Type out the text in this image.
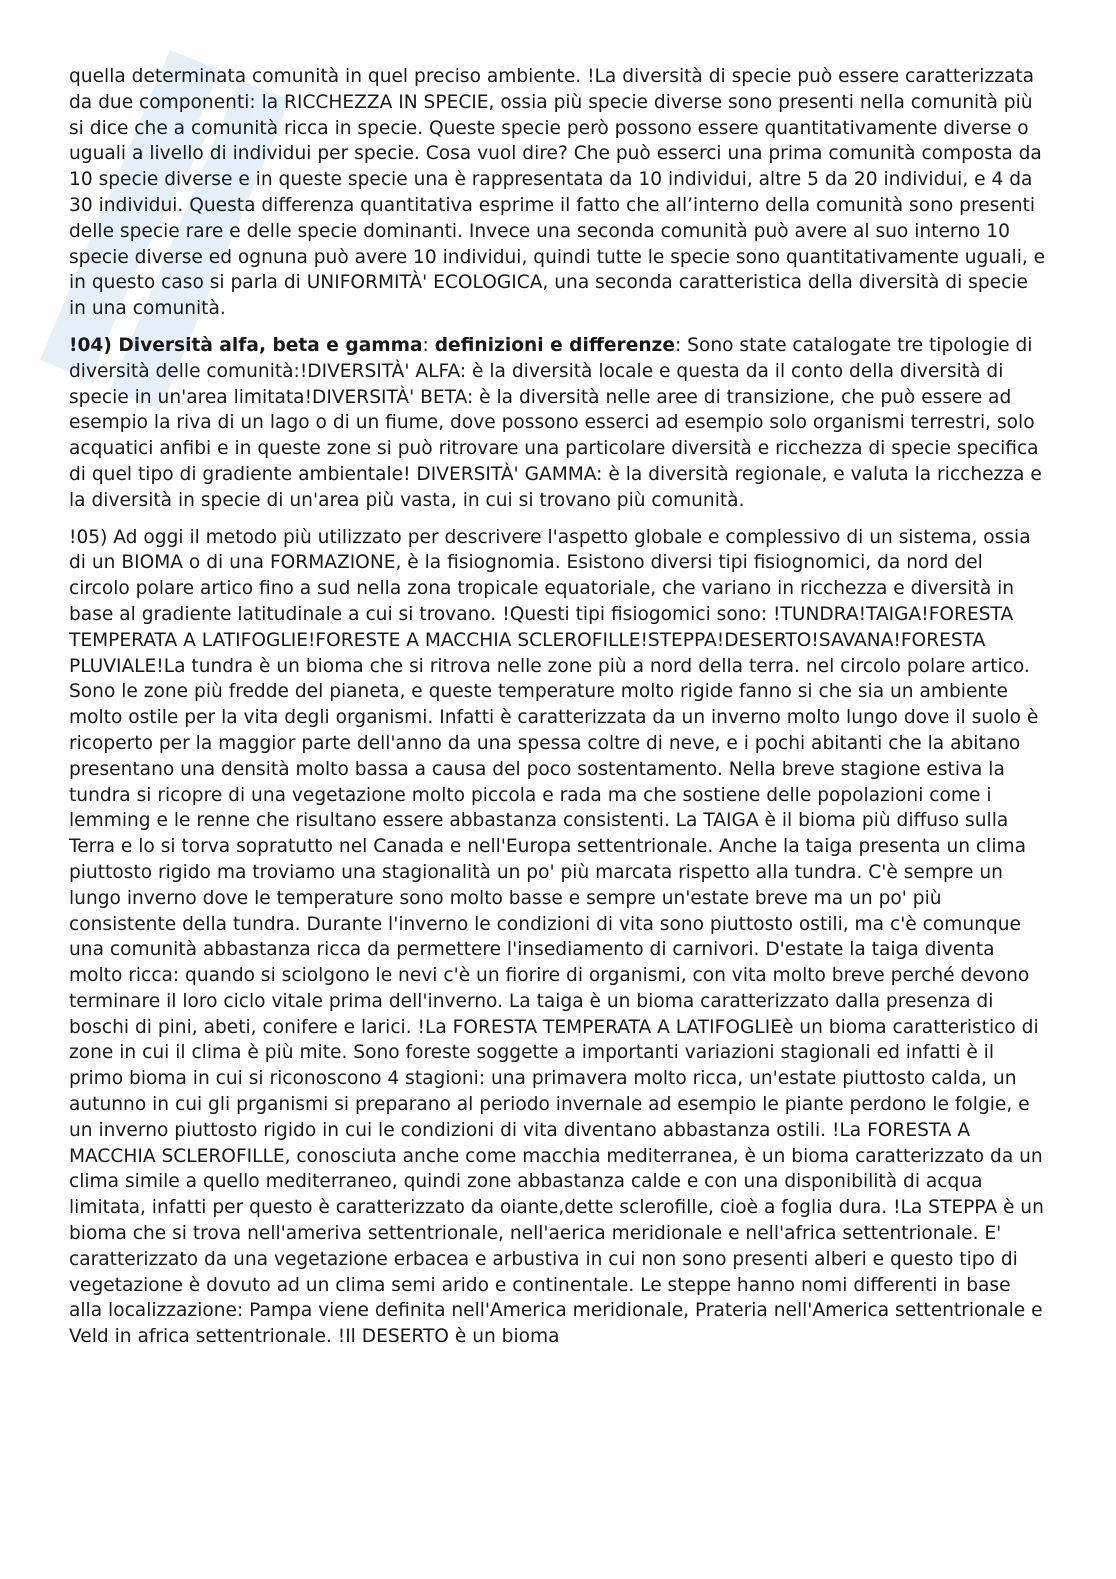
quella determinata comunità in quel preciso ambiente. !La diversità di specie può essere caratterizzata da due componenti: la RICCHEZZA IN SPECIE, ossia più specie diverse sono presenti nella comunità più si dice che a comunità ricca in specie. Queste specie però possono essere quantitativamente diverse o uguali a livello di individui per specie. Cosa vuol dire? Che può esserci una prima comunità composta da 10 specie diverse e in queste specie una è rappresentata da 10 individui, altre 5 da 20 individui, e 4 da 30 individui. Questa differenza quantitativa esprime il fatto che all’interno della comunità sono presenti delle specie rare e delle specie dominanti. Invece una seconda comunità può avere al suo interno 10 specie diverse ed ognuna può avere 10 individui, quindi tutte le specie sono quantitativamente uguali, e in questo caso si parla di UNIFORMITÀ' ECOLOGICA, una seconda caratteristica della diversità di specie in una comunità.

!04) Diversità alfa, beta e gamma: definizioni e differenze: Sono state catalogate tre tipologie di diversità delle comunità:!DIVERSITÀ' ALFA: è la diversità locale e questa da il conto della diversità di specie in un'area limitata!DIVERSITÀ' BETA: è la diversità nelle aree di transizione, che può essere ad esempio la riva di un lago o di un fiume, dove possono esserci ad esempio solo organismi terrestri, solo acquatici anfibi e in queste zone si può ritrovare una particolare diversità e ricchezza di specie specifica di quel tipo di gradiente ambientale! DIVERSITÀ' GAMMA: è la diversità regionale, e valuta la ricchezza e la diversità in specie di un'area più vasta, in cui si trovano più comunità.

!05) Ad oggi il metodo più utilizzato per descrivere l'aspetto globale e complessivo di un sistema, ossia di un BIOMA o di una FORMAZIONE, è la fisiognomia. Esistono diversi tipi fisiognomici, da nord del circolo polare artico fino a sud nella zona tropicale equatoriale, che variano in ricchezza e diversità in base al gradiente latitudinale a cui si trovano. !Questi tipi fisiogomici sono: !TUNDRA!TAIGA!FORESTA TEMPERATA A LATIFOGLIE!FORESTE A MACCHIA SCLEROFILLE!STEPPA!DESERTO!SAVANA!FORESTA PLUVIALE!La tundra è un bioma che si ritrova nelle zone più a nord della terra. nel circolo polare artico. Sono le zone più fredde del pianeta, e queste temperature molto rigide fanno si che sia un ambiente molto ostile per la vita degli organismi. Infatti è caratterizzata da un inverno molto lungo dove il suolo è ricoperto per la maggior parte dell'anno da una spessa coltre di neve, e i pochi abitanti che la abitano presentano una densità molto bassa a causa del poco sostentamento. Nella breve stagione estiva la tundra si ricopre di una vegetazione molto piccola e rada ma che sostiene delle popolazioni come i lemming e le renne che risultano essere abbastanza consistenti. La TAIGA è il bioma più diffuso sulla Terra e lo si torva sopratutto nel Canada e nell'Europa settentrionale. Anche la taiga presenta un clima piuttosto rigido ma troviamo una stagionalità un po' più marcata rispetto alla tundra. C'è sempre un lungo inverno dove le temperature sono molto basse e sempre un'estate breve ma un po' più consistente della tundra. Durante l'inverno le condizioni di vita sono piuttosto ostili, ma c'è comunque una comunità abbastanza ricca da permettere l'insediamento di carnivori. D'estate la taiga diventa molto ricca: quando si sciolgono le nevi c'è un fiorire di organismi, con vita molto breve perché devono terminare il loro ciclo vitale prima dell'inverno. La taiga è un bioma caratterizzato dalla presenza di boschi di pini, abeti, conifere e larici. !La FORESTA TEMPERATA A LATIFOGLIEè un bioma caratteristico di zone in cui il clima è più mite. Sono foreste soggette a importanti variazioni stagionali ed infatti è il primo bioma in cui si riconoscono 4 stagioni: una primavera molto ricca, un'estate piuttosto calda, un autunno in cui gli prganismi si preparano al periodo invernale ad esempio le piante perdono le folgie, e un inverno piuttosto rigido in cui le condizioni di vita diventano abbastanza ostili. !La FORESTA A MACCHIA SCLEROFILLE, conosciuta anche come macchia mediterranea, è un bioma caratterizzato da un clima simile a quello mediterraneo, quindi zone abbastanza calde e con una disponibilità di acqua limitata, infatti per questo è caratterizzato da oiante,dette sclerofille, cioè a foglia dura. !La STEPPA è un bioma che si trova nell'ameriva settentrionale, nell'aerica meridionale e nell'africa settentrionale. E' caratterizzato da una vegetazione erbacea e arbustiva in cui non sono presenti alberi e questo tipo di vegetazione è dovuto ad un clima semi arido e continentale. Le steppe hanno nomi differenti in base alla localizzazione: Pampa viene definita nell'America meridionale, Prateria nell'America settentrionale e Veld in africa settentrionale. !Il DESERTO è un bioma
